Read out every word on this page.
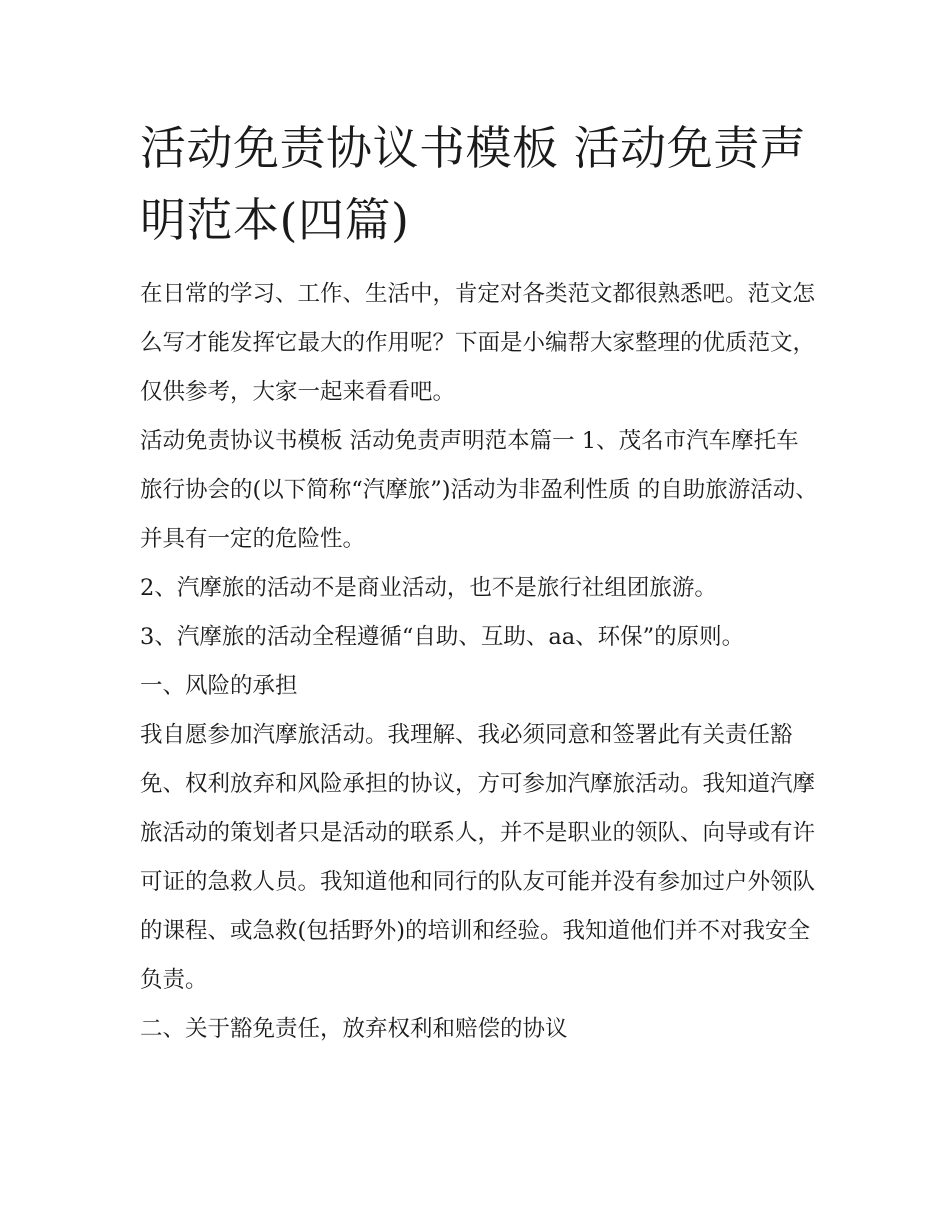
活动免责协议书模板 活动免责声明范本(四篇)

在日常的学习、工作、生活中，肯定对各类范文都很熟悉吧。范文怎么写才能发挥它最大的作用呢？下面是小编帮大家整理的优质范文，仅供参考，大家一起来看看吧。

活动免责协议书模板 活动免责声明范本篇一 1、茂名市汽车摩托车旅行协会的(以下简称“汽摩旅”)活动为非盈利性质 的自助旅游活动、并具有一定的危险性。

2、汽摩旅的活动不是商业活动，也不是旅行社组团旅游。

3、汽摩旅的活动全程遵循“自助、互助、aa、环保”的原则。

一、风险的承担

我自愿参加汽摩旅活动。我理解、我必须同意和签署此有关责任豁免、权利放弃和风险承担的协议，方可参加汽摩旅活动。我知道汽摩旅活动的策划者只是活动的联系人，并不是职业的领队、向导或有许可证的急救人员。我知道他和同行的队友可能并没有参加过户外领队的课程、或急救(包括野外)的培训和经验。我知道他们并不对我安全负责。

二、关于豁免责任，放弃权利和赔偿的协议
